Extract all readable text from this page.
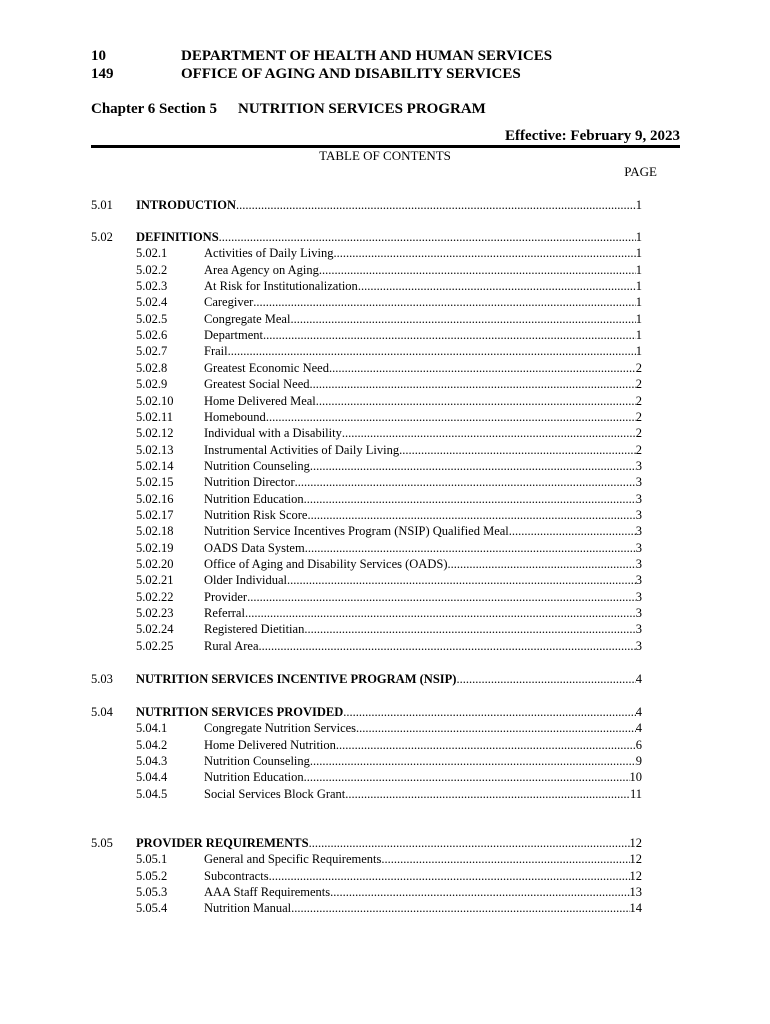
10
149
DEPARTMENT OF HEALTH AND HUMAN SERVICES
OFFICE OF AGING AND DISABILITY SERVICES
Chapter 6 Section 5 NUTRITION SERVICES PROGRAM
Effective: February 9, 2023
TABLE OF CONTENTS
PAGE
5.01 INTRODUCTION .....	1
5.02 DEFINITIONS .....	1
5.02.1	Activities of Daily Living .....	1
5.02.2	Area Agency on Aging .....	1
5.02.3	At Risk for Institutionalization .....	1
5.02.4	Caregiver .....	1
5.02.5	Congregate Meal .....	1
5.02.6	Department .....	1
5.02.7	Frail .....	1
5.02.8	Greatest Economic Need .....	2
5.02.9	Greatest Social Need .....	2
5.02.10 Home Delivered Meal .....	2
5.02.11 Homebound .....	2
5.02.12 Individual with a Disability .....	2
5.02.13 Instrumental Activities of Daily Living .....	2
5.02.14 Nutrition Counseling .....	3
5.02.15 Nutrition Director .....	3
5.02.16 Nutrition Education .....	3
5.02.17 Nutrition Risk Score .....	3
5.02.18 Nutrition Service Incentives Program (NSIP) Qualified Meal .....	3
5.02.19 OADS Data System .....	3
5.02.20 Office of Aging and Disability Services (OADS) .....	3
5.02.21 Older Individual .....	3
5.02.22 Provider .....	3
5.02.23 Referral .....	3
5.02.24 Registered Dietitian .....	3
5.02.25 Rural Area .....	3
5.03 NUTRITION SERVICES INCENTIVE PROGRAM (NSIP) .....	4
5.04 NUTRITION SERVICES PROVIDED .....	4
5.04.1	Congregate Nutrition Services .....	4
5.04.2	Home Delivered Nutrition .....	6
5.04.3	Nutrition Counseling .....	9
5.04.4	Nutrition Education .....	10
5.04.5	Social Services Block Grant .....	11
5.05 PROVIDER REQUIREMENTS .....	12
5.05.1	General and Specific Requirements .....	12
5.05.2	Subcontracts .....	12
5.05.3	AAA Staff Requirements .....	13
5.05.4	Nutrition Manual .....	14
